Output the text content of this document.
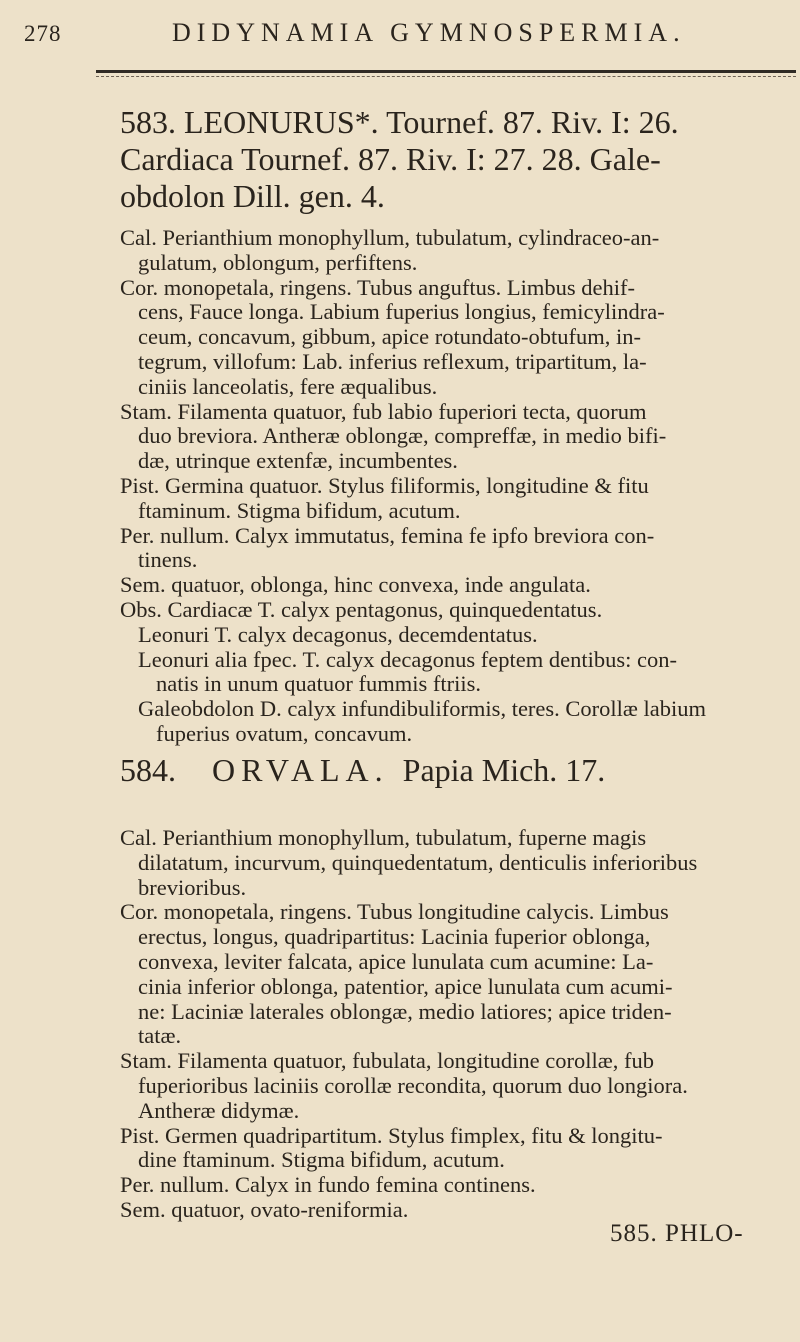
278	DIDYNAMIA GYMNOSPERMIA.
583. LEONURUS*. Tournef. 87. Riv. I: 26.
Cardiaca Tournef. 87. Riv. I: 27. 28. Gale-
obdolon Dill. gen. 4.
Cal. Perianthium monophyllum, tubulatum, cylindraceo-an-
gulatum, oblongum, perfiftens.
Cor. monopetala, ringens. Tubus anguftus. Limbus dehif-
cens, Fauce longa. Labium fuperius longius, femicylindra-
ceum, concavum, gibbum, apice rotundato-obtufum, in-
tegrum, villofum: Lab. inferius reflexum, tripartitum, la-
ciniis lanceolatis, fere æqualibus.
Stam. Filamenta quatuor, fub labio fuperiori tecta, quorum
duo breviora. Antheræ oblongæ, compreffæ, in medio bifi-
dæ, utrinque extenfæ, incumbentes.
Pist. Germina quatuor. Stylus filiformis, longitudine & fitu
ftaminum. Stigma bifidum, acutum.
Per. nullum. Calyx immutatus, femina fe ipfo breviora con-
tinens.
Sem. quatuor, oblonga, hinc convexa, inde angulata.
Obs. Cardiacæ T. calyx pentagonus, quinquedentatus.
Leonuri T. calyx decagonus, decemdentatus.
Leonuri alia fpec. T. calyx decagonus feptem dentibus: con-
natis in unum quatuor fummis ftriis.
Galeobdolon D. calyx infundibuliformis, teres. Corollæ labium
fuperius ovatum, concavum.
584. ORVALA. Papia Mich. 17.
Cal. Perianthium monophyllum, tubulatum, fuperne magis
dilatatum, incurvum, quinquedentatum, denticulis inferioribus
brevioribus.
Cor. monopetala, ringens. Tubus longitudine calycis. Limbus
erectus, longus, quadripartitus: Lacinia fuperior oblonga,
convexa, leviter falcata, apice lunulata cum acumine: La-
cinia inferior oblonga, patentior, apice lunulata cum acumi-
ne: Laciniæ laterales oblongæ, medio latiores; apice triden-
tatæ.
Stam. Filamenta quatuor, fubulata, longitudine corollæ, fub
fuperioribus laciniis corollæ recondita, quorum duo longiora.
Antheræ didymæ.
Pist. Germen quadripartitum. Stylus fimplex, fitu & longitu-
dine ftaminum. Stigma bifidum, acutum.
Per. nullum. Calyx in fundo femina continens.
Sem. quatuor, ovato-reniformia.
585. PHLO-
